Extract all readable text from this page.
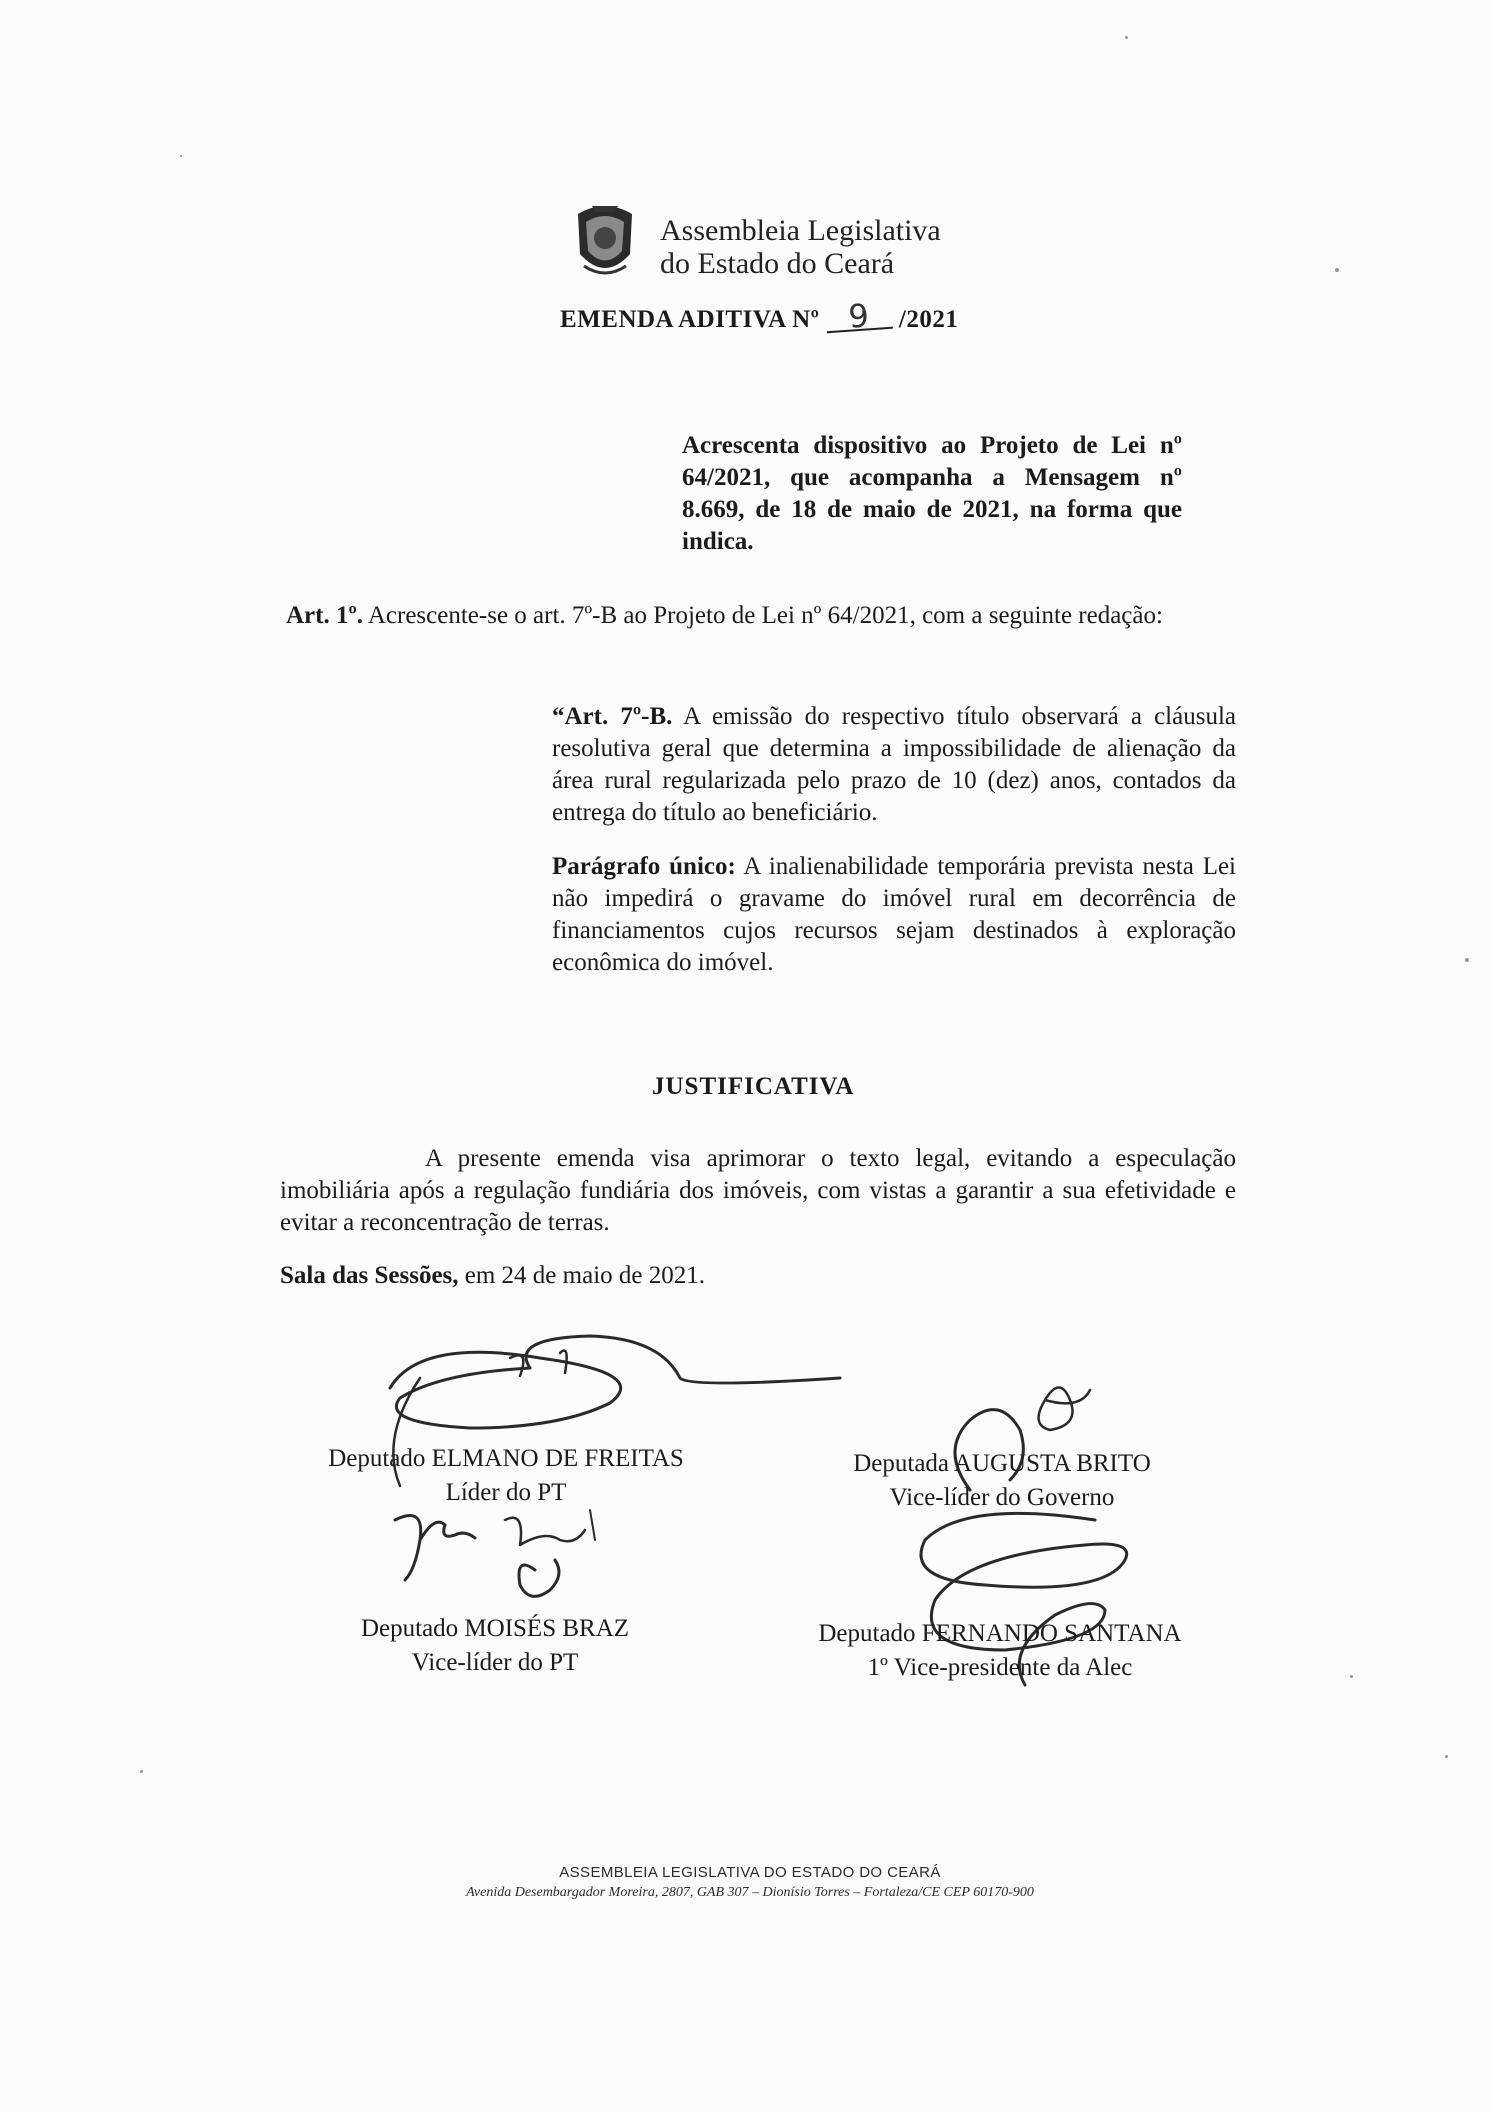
Assembleia Legislativa
do Estado do Ceará
EMENDA ADITIVA Nº 9 /2021
Acrescenta dispositivo ao Projeto de Lei nº 64/2021, que acompanha a Mensagem nº 8.669, de 18 de maio de 2021, na forma que indica.
Art. 1º. Acrescente-se o art. 7º-B ao Projeto de Lei nº 64/2021, com a seguinte redação:
“Art. 7º-B. A emissão do respectivo título observará a cláusula resolutiva geral que determina a impossibilidade de alienação da área rural regularizada pelo prazo de 10 (dez) anos, contados da entrega do título ao beneficiário.
Parágrafo único: A inalienabilidade temporária prevista nesta Lei não impedirá o gravame do imóvel rural em decorrência de financiamentos cujos recursos sejam destinados à exploração econômica do imóvel.
JUSTIFICATIVA
A presente emenda visa aprimorar o texto legal, evitando a especulação imobiliária após a regulação fundiária dos imóveis, com vistas a garantir a sua efetividade e evitar a reconcentração de terras.
Sala das Sessões, em 24 de maio de 2021.
Deputado ELMANO DE FREITAS
Líder do PT
Deputada AUGUSTA BRITO
Vice-líder do Governo
Deputado MOISÉS BRAZ
Vice-líder do PT
Deputado FERNANDO SANTANA
1º Vice-presidente da Alec
ASSEMBLEIA LEGISLATIVA DO ESTADO DO CEARÁ
Avenida Desembargador Moreira, 2807, GAB 307 – Dionísio Torres – Fortaleza/CE CEP 60170-900
